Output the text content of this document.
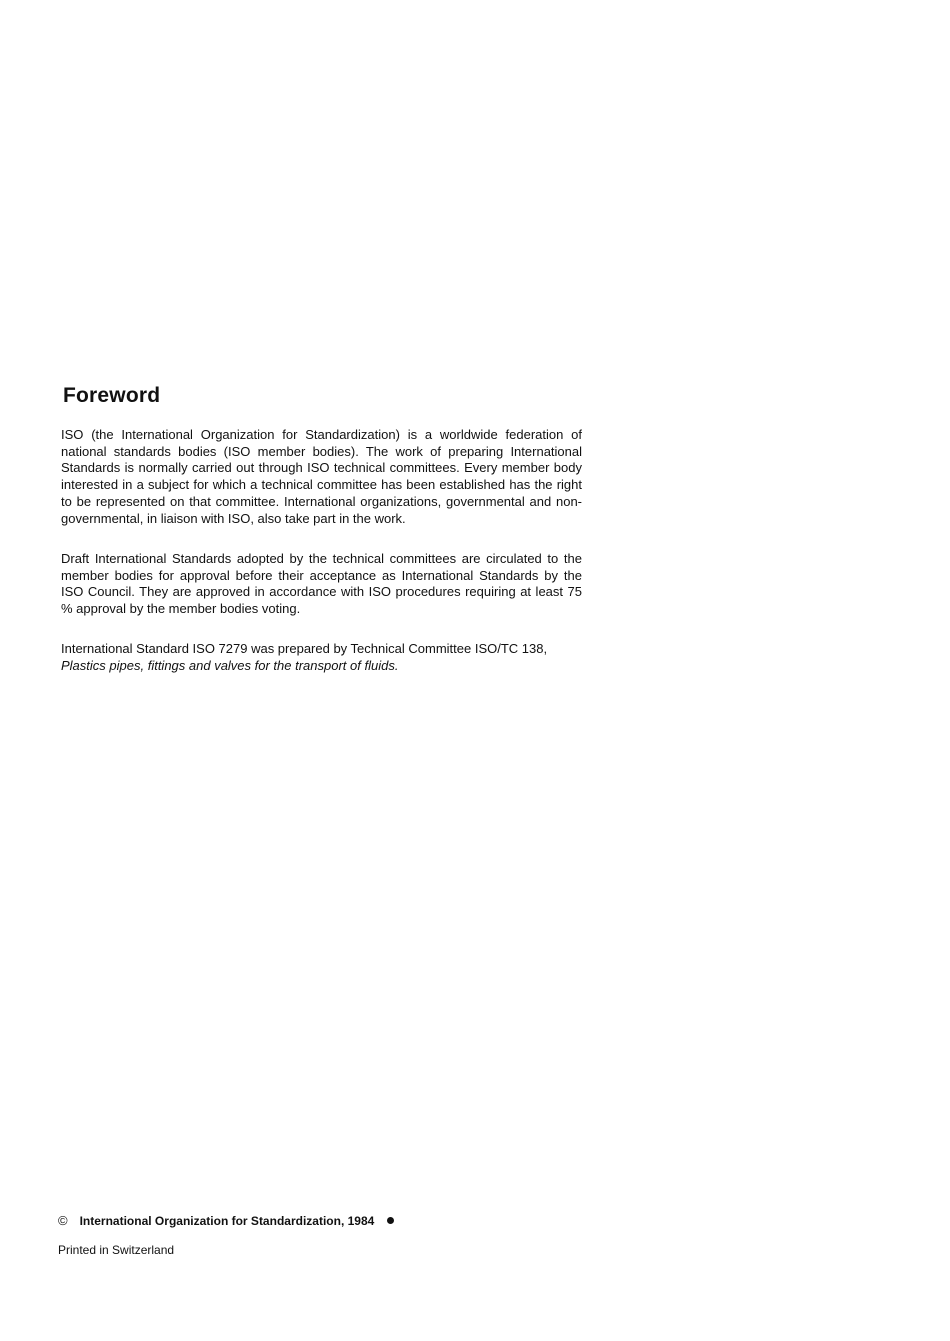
Foreword

ISO (the International Organization for Standardization) is a worldwide federation of national standards bodies (ISO member bodies). The work of preparing International Standards is normally carried out through ISO technical committees. Every member body interested in a subject for which a technical committee has been established has the right to be represented on that committee. International organizations, governmental and non-governmental, in liaison with ISO, also take part in the work.

Draft International Standards adopted by the technical committees are circulated to the member bodies for approval before their acceptance as International Standards by the ISO Council. They are approved in accordance with ISO procedures requiring at least 75 % approval by the member bodies voting.

International Standard ISO 7279 was prepared by Technical Committee ISO/TC 138,
Plastics pipes, fittings and valves for the transport of fluids.

© International Organization for Standardization, 1984
Printed in Switzerland
